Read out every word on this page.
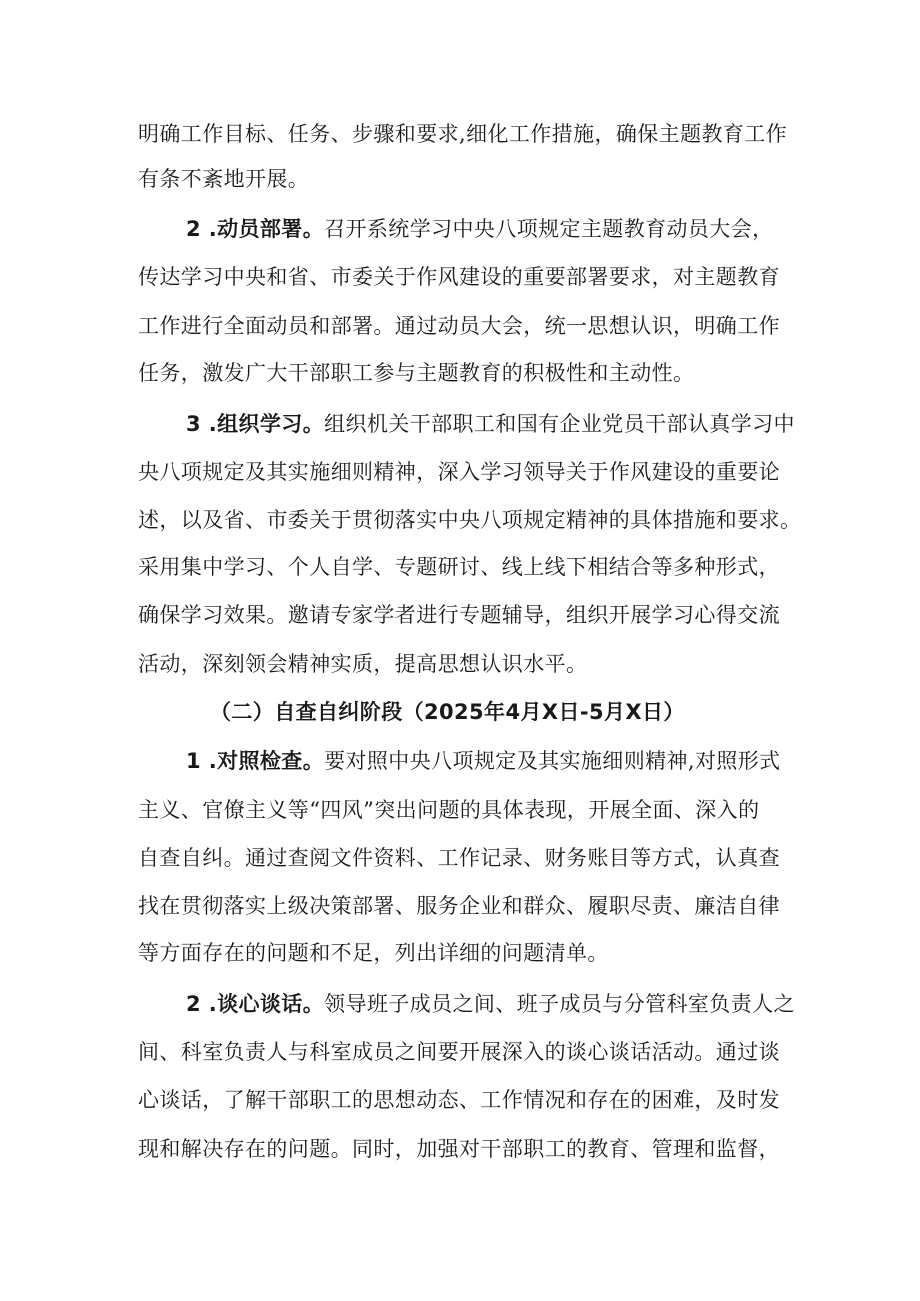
明确工作目标、任务、步骤和要求,细化工作措施，确保主题教育工作
有条不紊地开展。
2 .动员部署。召开系统学习中央八项规定主题教育动员大会，
传达学习中央和省、市委关于作风建设的重要部署要求，对主题教育
工作进行全面动员和部署。通过动员大会，统一思想认识，明确工作
任务，激发广大干部职工参与主题教育的积极性和主动性。
3 .组织学习。组织机关干部职工和国有企业党员干部认真学习中
央八项规定及其实施细则精神，深入学习领导关于作风建设的重要论
述，以及省、市委关于贯彻落实中央八项规定精神的具体措施和要求。
采用集中学习、个人自学、专题研讨、线上线下相结合等多种形式，
确保学习效果。邀请专家学者进行专题辅导，组织开展学习心得交流
活动，深刻领会精神实质，提高思想认识水平。
（二）自查自纠阶段（2025年4月X日-5月X日）
1 .对照检查。要对照中央八项规定及其实施细则精神,对照形式
主义、官僚主义等“四风”突出问题的具体表现，开展全面、深入的
自查自纠。通过查阅文件资料、工作记录、财务账目等方式，认真查
找在贯彻落实上级决策部署、服务企业和群众、履职尽责、廉洁自律
等方面存在的问题和不足，列出详细的问题清单。
2 .谈心谈话。领导班子成员之间、班子成员与分管科室负责人之
间、科室负责人与科室成员之间要开展深入的谈心谈话活动。通过谈
心谈话，了解干部职工的思想动态、工作情况和存在的困难，及时发
现和解决存在的问题。同时，加强对干部职工的教育、管理和监督，
